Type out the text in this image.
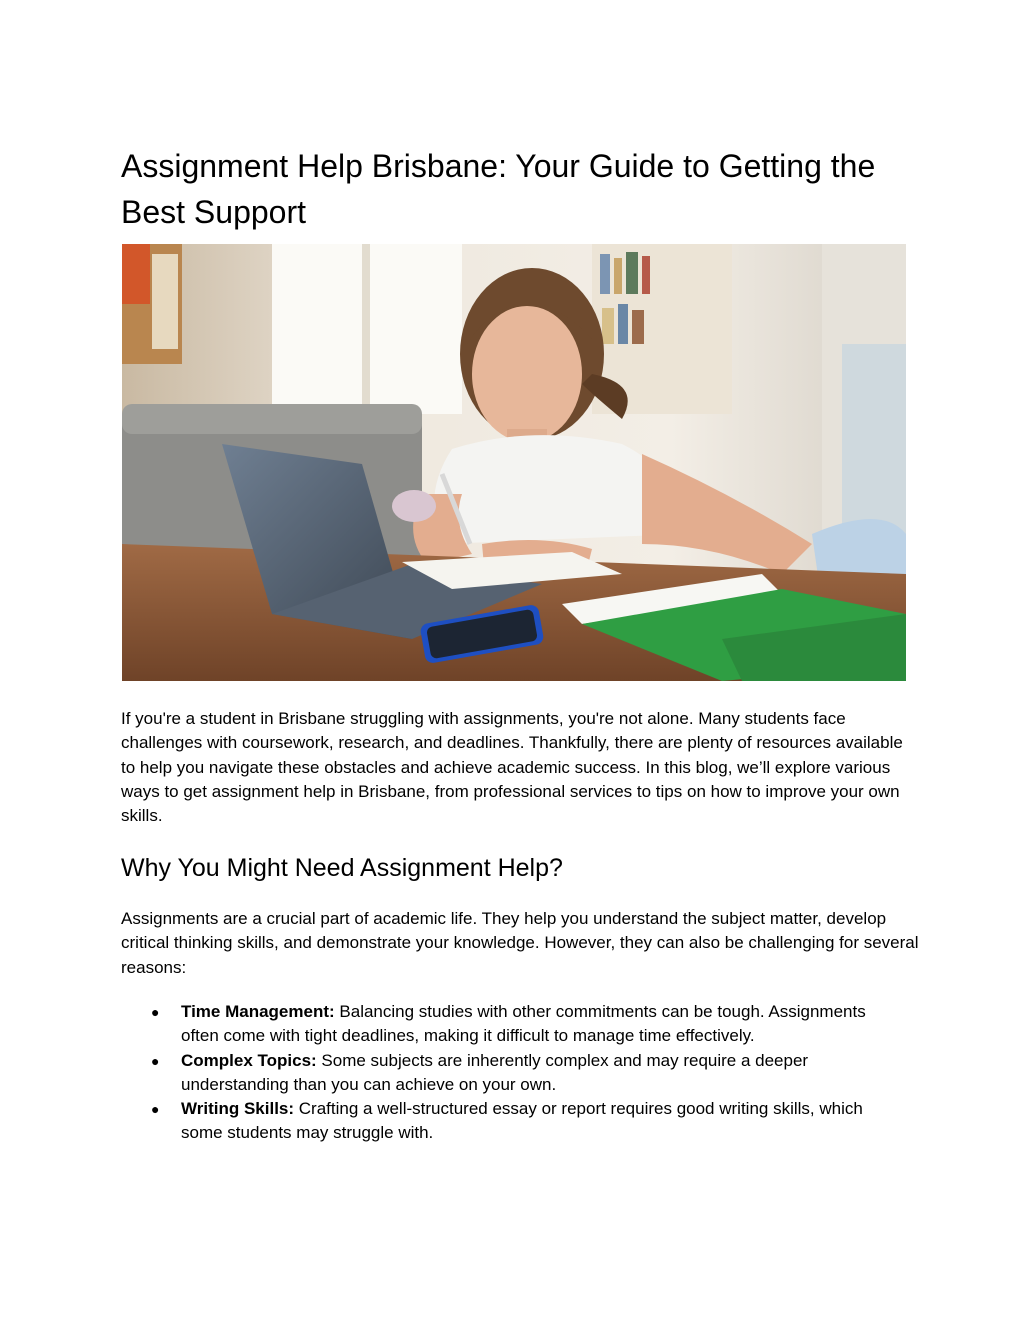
Assignment Help Brisbane: Your Guide to Getting the Best Support

If you're a student in Brisbane struggling with assignments, you're not alone. Many students face challenges with coursework, research, and deadlines. Thankfully, there are plenty of resources available to help you navigate these obstacles and achieve academic success. In this blog, we’ll explore various ways to get assignment help in Brisbane, from professional services to tips on how to improve your own skills.

Why You Might Need Assignment Help?

Assignments are a crucial part of academic life. They help you understand the subject matter, develop critical thinking skills, and demonstrate your knowledge. However, they can also be challenging for several reasons:

● Time Management: Balancing studies with other commitments can be tough. Assignments often come with tight deadlines, making it difficult to manage time effectively.
● Complex Topics: Some subjects are inherently complex and may require a deeper understanding than you can achieve on your own.
● Writing Skills: Crafting a well-structured essay or report requires good writing skills, which some students may struggle with.
